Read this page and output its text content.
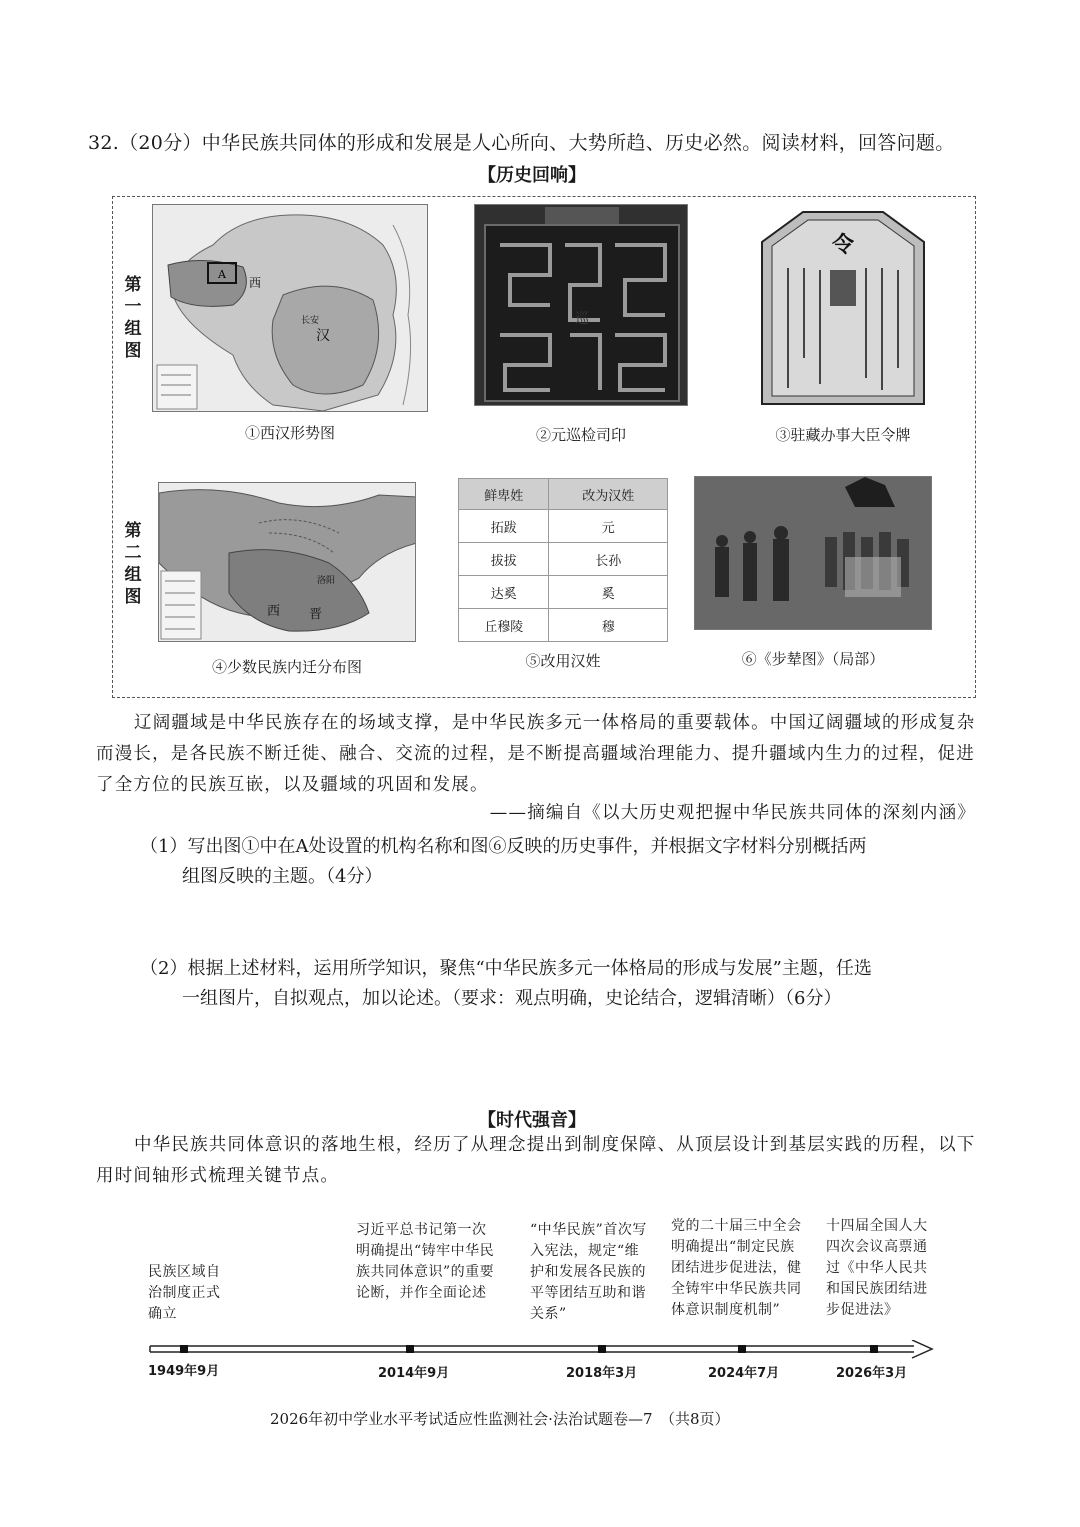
32.（20分）中华民族共同体的形成和发展是人心所向、大势所趋、历史必然。阅读材料，回答问题。
【历史回响】
第
一
组
图
第
二
组
图
A
汉
西
长安
①西汉形势图
巡
②元巡检司印
令
③驻藏办事大臣令牌
西 晋
洛阳
④少数民族内迁分布图
鲜卑姓	改为汉姓
拓跋	元
拔拔	长孙
达奚	奚
丘穆陵	穆
⑤改用汉姓	⑥《步辇图》（局部）
辽阔疆域是中华民族存在的场域支撑，是中华民族多元一体格局的重要载体。中国辽阔疆域的形成复杂而漫长，是各民族不断迁徙、融合、交流的过程，是不断提高疆域治理能力、提升疆域内生力的过程，促进了全方位的民族互嵌，以及疆域的巩固和发展。
——摘编自《以大历史观把握中华民族共同体的深刻内涵》
（1）写出图①中在A处设置的机构名称和图⑥反映的历史事件，并根据文字材料分别概括两
组图反映的主题。（4分）
（2）根据上述材料，运用所学知识，聚焦“中华民族多元一体格局的形成与发展”主题，任选
一组图片，自拟观点，加以论述。（要求：观点明确，史论结合，逻辑清晰）（6分）
【时代强音】
中华民族共同体意识的落地生根，经历了从理念提出到制度保障、从顶层设计到基层实践的历程，以下用时间轴形式梳理关键节点。
民族区域自治制度正式确立
习近平总书记第一次明确提出“铸牢中华民族共同体意识”的重要论断，并作全面论述
“中华民族”首次写入宪法，规定“维护和发展各民族的平等团结互助和谐关系”
党的二十届三中全会明确提出“制定民族团结进步促进法，健全铸牢中华民族共同体意识制度机制”
十四届全国人大四次会议高票通过《中华人民共和国民族团结进步促进法》
1949年9月	2014年9月	2018年3月	2024年7月	2026年3月
2026年初中学业水平考试适应性监测社会·法治试题卷—7　（共8页）
